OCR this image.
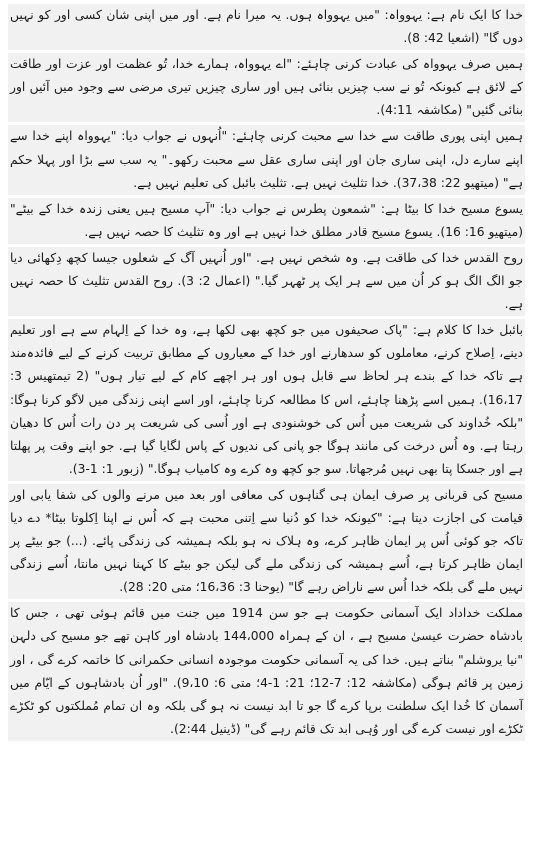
خدا کا ایک نام ہے: یہوواہ: "میں یہوواہ ہوں. یہ میرا نام ہے. اور میں اپنی شان کسی اور کو نہیں دوں گا" (اشعیا 42: 8).

ہمیں صرف یہوواہ کی عبادت کرنی چاہئے: "اے یہوواہ، ہمارے خدا، تُو عظمت اور عزت اور طاقت کے لائق ہے کیونکہ تُو نے سب چیزیں بنائی ہیں اور ساری چیزیں تیری مرضی سے وجود میں آئیں اور بنائی گئیں" (مکاشفہ 4:11).

ہمیں اپنی پوری طاقت سے خدا سے محبت کرنی چاہئے: "اُنہوں نے جواب دیا: "یہوواہ اپنے خدا سے اپنے سارے دل، اپنی ساری جان اور اپنی ساری عقل سے محبت رکھو۔" یہ سب سے بڑا اور پہلا حکم ہے" (میتھیو 22: 37،38). خدا تثلیث نہیں ہے. تثلیث بائبل کی تعلیم نہیں ہے.

یسوع مسیح خدا کا بیٹا ہے: "شمعون پطرس نے جواب دیا: "آپ مسیح ہیں یعنی زندہ خدا کے بیٹے" (میتھیو 16: 16). یسوع مسیح قادر مطلق خدا نہیں ہے اور وہ تثلیث کا حصہ نہیں ہے.

روح القدس خدا کی طاقت ہے. وہ شخص نہیں ہے. "اور اُنہیں آگ کے شعلوں جیسا کچھ دِکھائی دیا جو الگ الگ ہو کر اُن میں سے ہر ایک پر ٹھہر گیا." (اعمال 2: 3). روح القدس تثلیث کا حصہ نہیں ہے.

بائبل خدا کا کلام ہے: "پاک صحیفوں میں جو کچھ بھی لکھا ہے، وہ خدا کے اِلہام سے ہے اور تعلیم دینے، اِصلاح کرنے، معاملوں کو سدھارنے اور خدا کے معیاروں کے مطابق تربیت کرنے کے لیے فائدہ‌مند ہے تاکہ خدا کے بندے ہر لحاظ سے قابل ہوں اور ہر اچھے کام کے لیے تیار ہوں" (2 تیمتھیس 3: 16،17). ہمیں اسے پڑھنا چاہئے، اس کا مطالعہ کرنا چاہئے، اور اسے اپنی زندگی میں لاگو کرنا ہوگا: "بلکہ خُداوند کی شریعت میں اُس کی خوشنودی ہے اور اُسی کی شریعت پر دن رات اُس کا دھیان رہتا ہے. وہ اُس درخت کی مانند ہوگا جو پانی کی ندیوں کے پاس لگایا گیا ہے. جو اپنے وقت پر پھلتا ہے اور جسکا پتا بھی نہیں مُرجھاتا. سو جو کچھ وہ کرے وہ کامیاب ہوگا." (زبور 1: 1-3).

مسیح کی قربانی پر صرف ایمان ہی گناہوں کی معافی اور بعد میں مرنے والوں کی شفا یابی اور قیامت کی اجازت دیتا ہے: "کیونکہ خدا کو دُنیا سے اِتنی محبت ہے کہ اُس نے اپنا اِکلوتا بیٹا* دے دیا تاکہ جو کوئی اُس پر ایمان ظاہر کرے، وہ ہلاک نہ ہو بلکہ ہمیشہ کی زندگی پائے. (...) جو بیٹے پر ایمان ظاہر کرتا ہے، اُسے ہمیشہ کی زندگی ملے گی لیکن جو بیٹے کا کہنا نہیں مانتا، اُسے زندگی نہیں ملے گی بلکہ خدا اُس سے ناراض رہے گا" (یوحنا 3: 16،36؛ متی 20: 28).

مملکت خداداد ایک آسمانی حکومت ہے جو سن 1914 میں جنت میں قائم ہوئی تھی ، جس کا بادشاہ حضرت عیسیٰ مسیح ہے ، ان کے ہمراہ 144،000 بادشاہ اور کاہن تھے جو مسیح کی دلہن "نیا یروشلم" بناتے ہیں. خدا کی یہ آسمانی حکومت موجودہ انسانی حکمرانی کا خاتمہ کرے گی ، اور زمین پر قائم ہوگی (مکاشفہ 12: 7-12؛ 21: 1-4؛ متی 6: 9،10). "اور اُن بادشاہوں کے ایّام میں آسمان کا خُدا ایک سلطنت برپا کرے گا جو تا ابد نیست نہ ہو گی بلکہ وہ ان تمام مُملکتوں کو ٹکڑے ٹکڑے اور نیست کرے گی اور وُہی ابد تک قائم رہے گی" (ڈینیل 2:44).
